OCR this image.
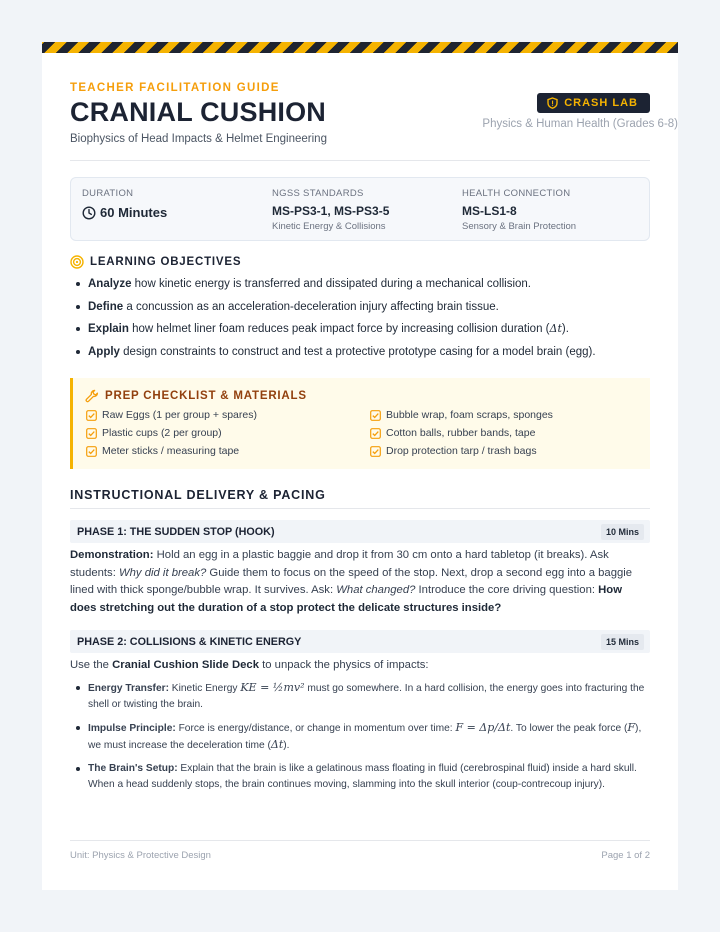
TEACHER FACILITATION GUIDE
CRANIAL CUSHION
Biophysics of Head Impacts & Helmet Engineering
CRASH LAB
Physics & Human Health (Grades 6-8)
DURATION
60 Minutes
NGSS STANDARDS
MS-PS3-1, MS-PS3-5
Kinetic Energy & Collisions
HEALTH CONNECTION
MS-LS1-8
Sensory & Brain Protection
LEARNING OBJECTIVES
Analyze how kinetic energy is transferred and dissipated during a mechanical collision.
Define a concussion as an acceleration-deceleration injury affecting brain tissue.
Explain how helmet liner foam reduces peak impact force by increasing collision duration (Δt).
Apply design constraints to construct and test a protective prototype casing for a model brain (egg).
PREP CHECKLIST & MATERIALS
Raw Eggs (1 per group + spares)	Bubble wrap, foam scraps, sponges
Plastic cups (2 per group)	Cotton balls, rubber bands, tape
Meter sticks / measuring tape	Drop protection tarp / trash bags
INSTRUCTIONAL DELIVERY & PACING
PHASE 1: THE SUDDEN STOP (HOOK)	10 Mins
Demonstration: Hold an egg in a plastic baggie and drop it from 30 cm onto a hard tabletop (it breaks). Ask students: Why did it break? Guide them to focus on the speed of the stop. Next, drop a second egg into a baggie lined with thick sponge/bubble wrap. It survives. Ask: What changed? Introduce the core driving question: How does stretching out the duration of a stop protect the delicate structures inside?
PHASE 2: COLLISIONS & KINETIC ENERGY	15 Mins
Use the Cranial Cushion Slide Deck to unpack the physics of impacts:
Energy Transfer: Kinetic Energy KE = ½mv² must go somewhere. In a hard collision, the energy goes into fracturing the shell or twisting the brain.
Impulse Principle: Force is energy/distance, or change in momentum over time: F = Δp/Δt. To lower the peak force (F), we must increase the deceleration time (Δt).
The Brain's Setup: Explain that the brain is like a gelatinous mass floating in fluid (cerebrospinal fluid) inside a hard skull. When a head suddenly stops, the brain continues moving, slamming into the skull interior (coup-contrecoup injury).
Unit: Physics & Protective Design	Page 1 of 2
